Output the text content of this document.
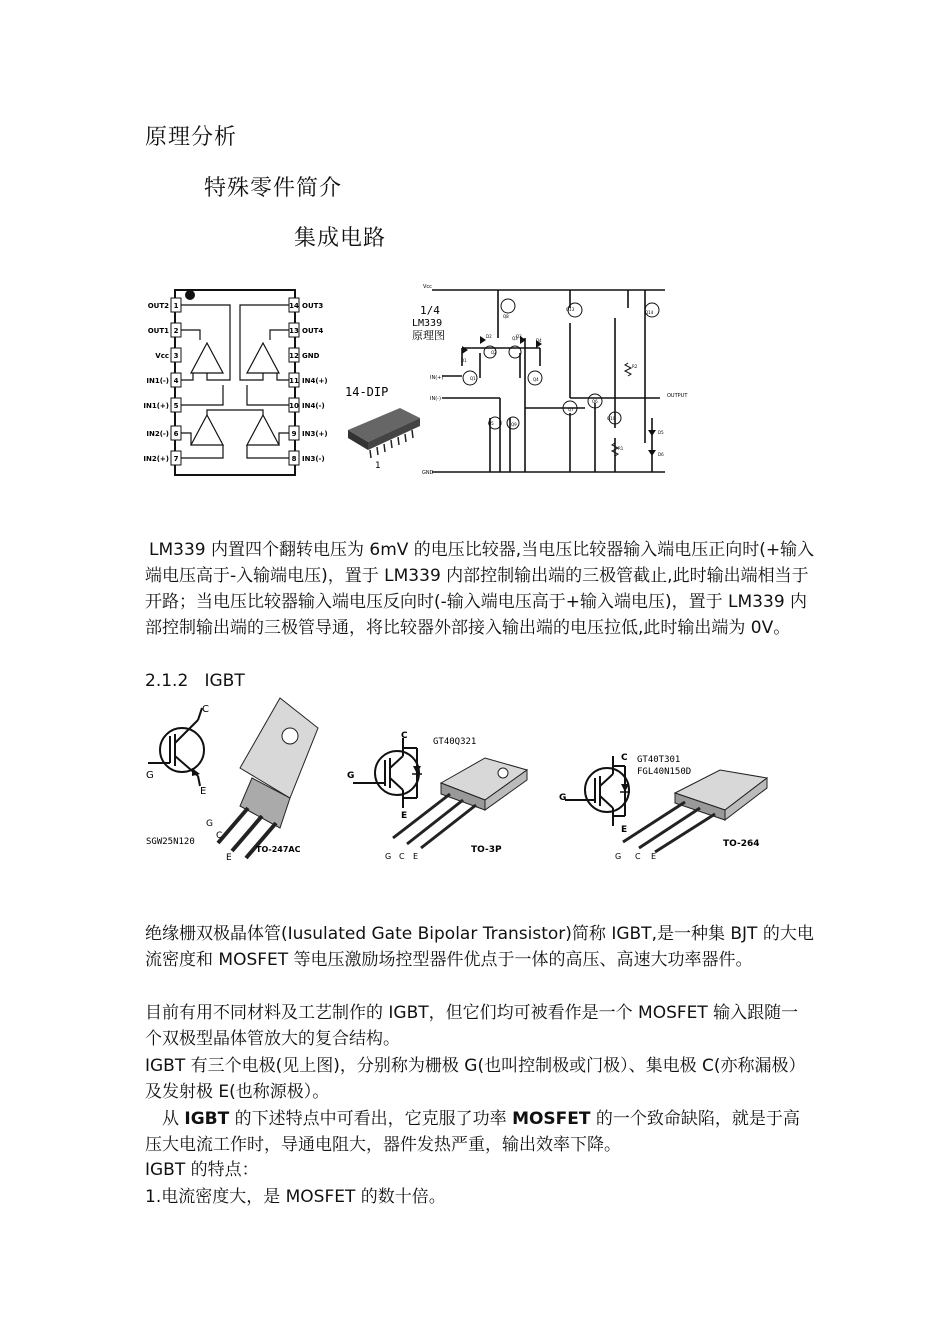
原理分析
特殊零件简介
集成电路
1
OUT2
2
OUT1
3
Vcc
4
IN1(-)
5
IN1(+)
6
IN2(-)
7
IN2(+)
14 OUT3
13 OUT4
12 GND
11 IN4(+)
10 IN4(-)
9 IN3(+)
8 IN3(-)
14-DIP
1
1/4
LM339
原理图
Vcc
IN(+)
IN(-)
GND
OUTPUT
Q8
Q13
Q14
Q2
Q3
Q1	Q4
Q7
Q6
Q5	Q9
Q10
D1
D2	D3
D4
D5
D6
R1
R2
LM339 内置四个翻转电压为 6mV 的电压比较器,当电压比较器输入端电压正向时(+输入端电压高于-入输端电压)，置于 LM339 内部控制输出端的三极管截止,此时输出端相当于开路；当电压比较器输入端电压反向时(-输入端电压高于+输入端电压)，置于 LM339 内部控制输出端的三极管导通，将比较器外部接入输出端的电压拉低,此时输出端为 0V。
2.1.2   IGBT
C
G
E
SGW25N120
G
C
E
TO-247AC
C
G
E
GT40Q321
G C E
TO-3P
C
G
E
GT40T301
FGL40N150D
G C E
TO-264
绝缘栅双极晶体管(Iusulated Gate Bipolar Transistor)简称 IGBT,是一种集 BJT 的大电流密度和 MOSFET 等电压激励场控型器件优点于一体的高压、高速大功率器件。
目前有用不同材料及工艺制作的 IGBT，但它们均可被看作是一个 MOSFET 输入跟随一个双极型晶体管放大的复合结构。
IGBT 有三个电极(见上图)，分别称为栅极 G(也叫控制极或门极）、集电极 C(亦称漏极）及发射极 E(也称源极）。
从 IGBT 的下述特点中可看出，它克服了功率 MOSFET 的一个致命缺陷，就是于高压大电流工作时，导通电阻大，器件发热严重，输出效率下降。
IGBT 的特点：
1.电流密度大，是 MOSFET 的数十倍。
